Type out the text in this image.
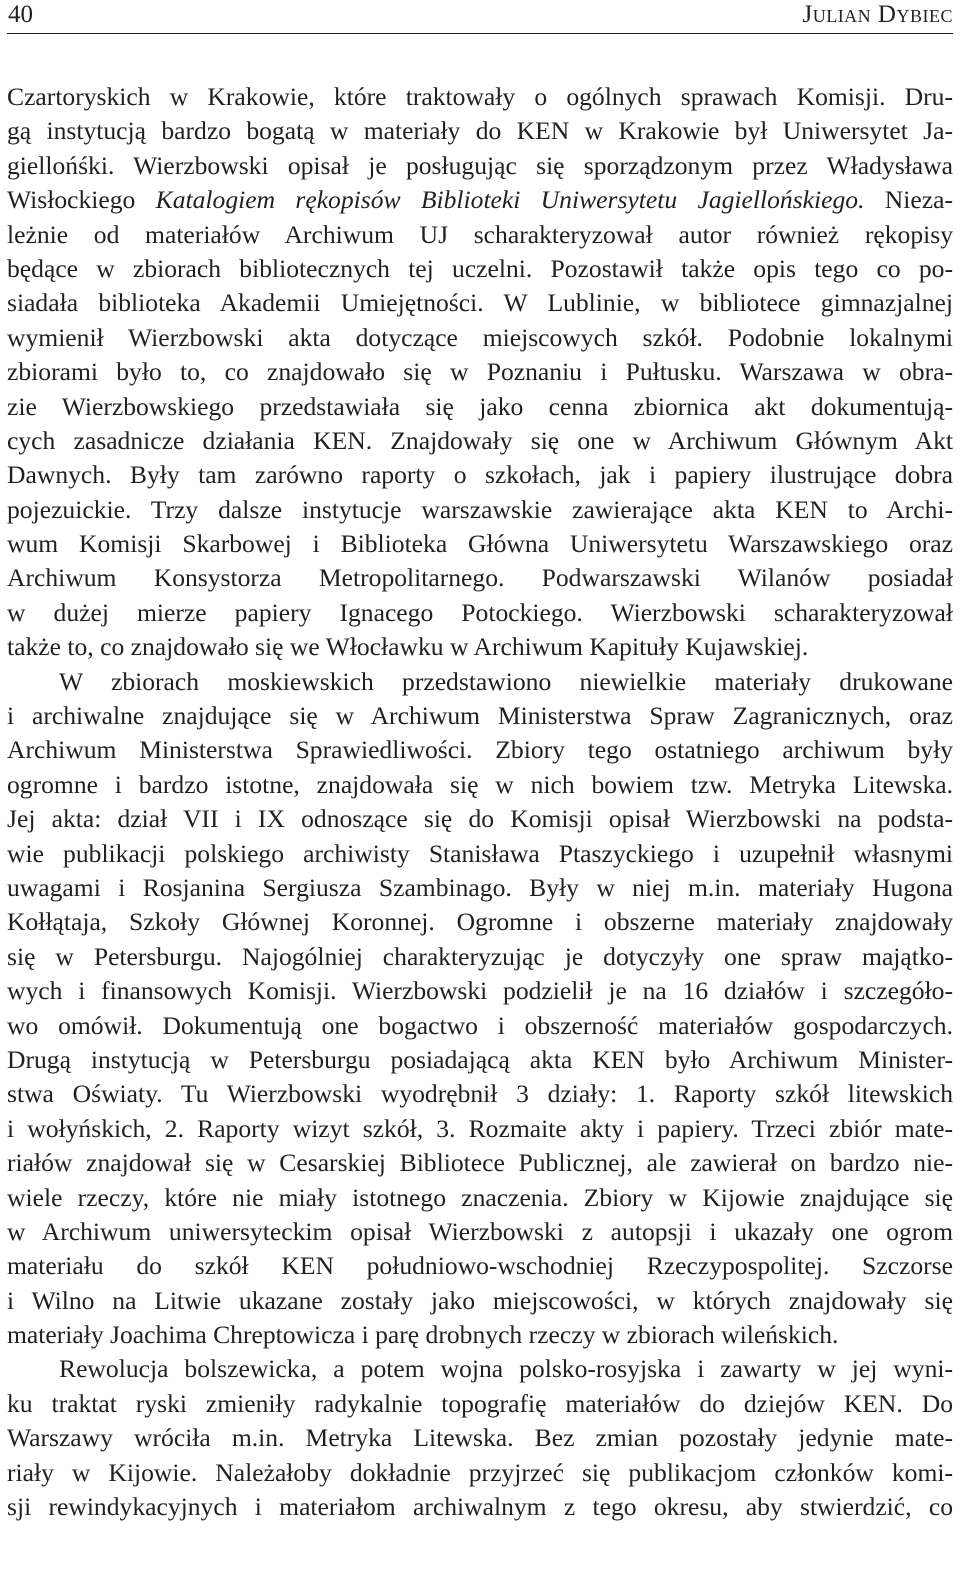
40	Julian Dybiec
Czartoryskich w Krakowie, które traktowały o ogólnych sprawach Komisji. Dru-
gą instytucją bardzo bogatą w materiały do KEN w Krakowie był Uniwersytet Ja-
giellońśki. Wierzbowski opisał je posługując się sporządzonym przez Władysława
Wisłockiego Katalogiem rękopisów Biblioteki Uniwersytetu Jagiellońskiego. Nieza-
leżnie od materiałów Archiwum UJ scharakteryzował autor również rękopisy
będące w zbiorach bibliotecznych tej uczelni. Pozostawił także opis tego co po-
siadała biblioteka Akademii Umiejętności. W Lublinie, w bibliotece gimnazjalnej
wymienił Wierzbowski akta dotyczące miejscowych szkół. Podobnie lokalnymi
zbiorami było to, co znajdowało się w Poznaniu i Pułtusku. Warszawa w obra-
zie Wierzbowskiego przedstawiała się jako cenna zbiornica akt dokumentują-
cych zasadnicze działania KEN. Znajdowały się one w Archiwum Głównym Akt
Dawnych. Były tam zarówno raporty o szkołach, jak i papiery ilustrujące dobra
pojezuickie. Trzy dalsze instytucje warszawskie zawierające akta KEN to Archi-
wum Komisji Skarbowej i Biblioteka Główna Uniwersytetu Warszawskiego oraz
Archiwum Konsystorza Metropolitarnego. Podwarszawski Wilanów posiadał
w dużej mierze papiery Ignacego Potockiego. Wierzbowski scharakteryzował
także to, co znajdowało się we Włocławku w Archiwum Kapituły Kujawskiej.
W zbiorach moskiewskich przedstawiono niewielkie materiały drukowane
i archiwalne znajdujące się w Archiwum Ministerstwa Spraw Zagranicznych, oraz
Archiwum Ministerstwa Sprawiedliwości. Zbiory tego ostatniego archiwum były
ogromne i bardzo istotne, znajdowała się w nich bowiem tzw. Metryka Litewska.
Jej akta: dział VII i IX odnoszące się do Komisji opisał Wierzbowski na podsta-
wie publikacji polskiego archiwisty Stanisława Ptaszyckiego i uzupełnił własnymi
uwagami i Rosjanina Sergiusza Szambinago. Były w niej m.in. materiały Hugona
Kołłątaja, Szkoły Głównej Koronnej. Ogromne i obszerne materiały znajdowały
się w Petersburgu. Najogólniej charakteryzując je dotyczyły one spraw majątko-
wych i finansowych Komisji. Wierzbowski podzielił je na 16 działów i szczegóło-
wo omówił. Dokumentują one bogactwo i obszerność materiałów gospodarczych.
Drugą instytucją w Petersburgu posiadającą akta KEN było Archiwum Minister-
stwa Oświaty. Tu Wierzbowski wyodrębnił 3 działy: 1. Raporty szkół litewskich
i wołyńskich, 2. Raporty wizyt szkół, 3. Rozmaite akty i papiery. Trzeci zbiór mate-
riałów znajdował się w Cesarskiej Bibliotece Publicznej, ale zawierał on bardzo nie-
wiele rzeczy, które nie miały istotnego znaczenia. Zbiory w Kijowie znajdujące się
w Archiwum uniwersyteckim opisał Wierzbowski z autopsji i ukazały one ogrom
materiału do szkół KEN południowo-wschodniej Rzeczypospolitej. Szczorse
i Wilno na Litwie ukazane zostały jako miejscowości, w których znajdowały się
materiały Joachima Chreptowicza i parę drobnych rzeczy w zbiorach wileńskich.
Rewolucja bolszewicka, a potem wojna polsko-rosyjska i zawarty w jej wyni-
ku traktat ryski zmieniły radykalnie topografię materiałów do dziejów KEN. Do
Warszawy wróciła m.in. Metryka Litewska. Bez zmian pozostały jedynie mate-
riały w Kijowie. Należałoby dokładnie przyjrzeć się publikacjom członków komi-
sji rewindykacyjnych i materiałom archiwalnym z tego okresu, aby stwierdzić, co
